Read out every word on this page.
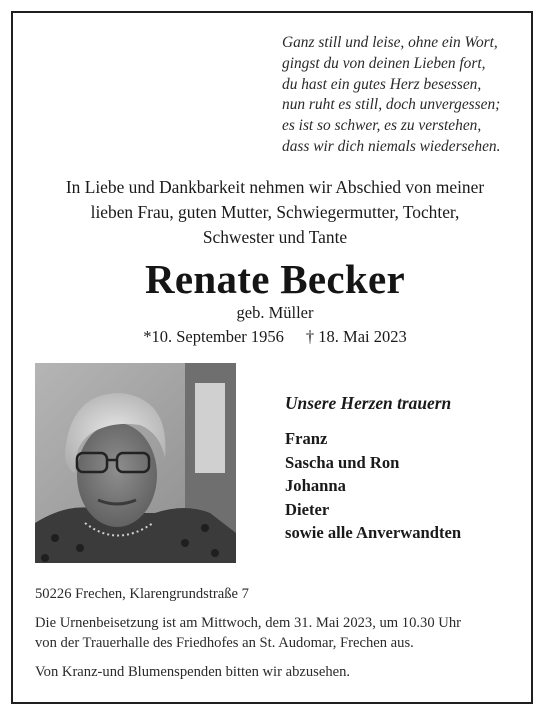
Ganz still und leise, ohne ein Wort,
gingst du von deinen Lieben fort,
du hast ein gutes Herz besessen,
nun ruht es still, doch unvergessen;
es ist so schwer, es zu verstehen,
dass wir dich niemals wiedersehen.
In Liebe und Dankbarkeit nehmen wir Abschied von meiner
lieben Frau, guten Mutter, Schwiegermutter, Tochter,
Schwester und Tante
Renate Becker
geb. Müller
*10. September 1956 † 18. Mai 2023
Unsere Herzen trauern
Franz
Sascha und Ron
Johanna
Dieter
sowie alle Anverwandten
50226 Frechen, Klarengrundstraße 7
Die Urnenbeisetzung ist am Mittwoch, dem 31. Mai 2023, um 10.30 Uhr
von der Trauerhalle des Friedhofes an St. Audomar, Frechen aus.
Von Kranz-und Blumenspenden bitten wir abzusehen.
